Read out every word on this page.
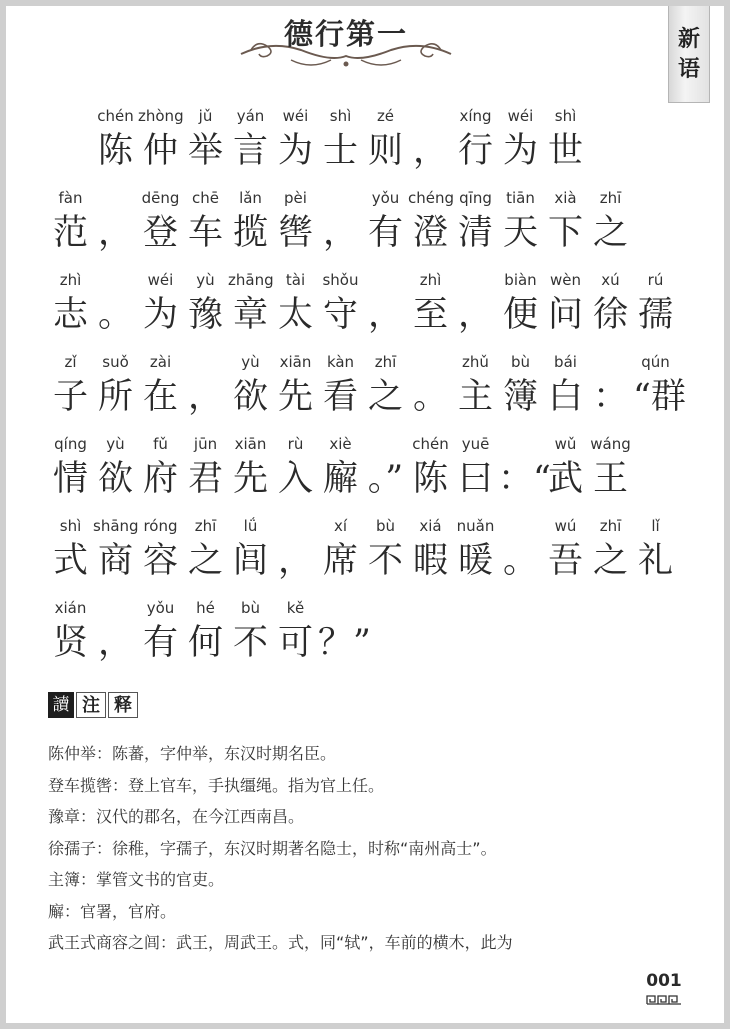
德行第一	新
语
chén
陈
zhòng
仲
jǔ
举
yán
言
wéi
为
shì
士
zé
则 ，
xíng
行
wéi
为
shì
世
fàn
范 ，
dēng
登
chē
车
lǎn
揽
pèi
辔 ，
yǒu
有
chéng
澄
qīng
清
tiān
天
xià
下
zhī
之
zhì
志 。
wéi
为
yù
豫
zhāng
章
tài
太
shǒu
守 ，
zhì
至 ，
biàn
便
wèn
问
xú
徐
rú
孺
zǐ
子
suǒ
所
zài
在 ，
yù
欲
xiān
先
kàn
看
zhī
之 。
zhǔ
主
bù
簿
bái
白 ：
qún
“群
qíng
情
yù
欲
fǔ
府
jūn
君
xiān
先
rù
入
xiè
廨 。”
chén
陈
yuē
曰 ：“
wǔ
武
wáng
王
shì
式
shāng
商
róng
容
zhī
之
lǘ
闾 ，
xí
席
bù
不
xiá
暇
nuǎn
暖 。
wú
吾
zhī
之
lǐ
礼
xián
贤 ，
yǒu
有
hé
何
bù
不
kě
可 ？”
讀 注 释
陈仲举：陈蕃，字仲举，东汉时期名臣。
登车揽辔：登上官车，手执缰绳。指为官上任。
豫章：汉代的郡名，在今江西南昌。
徐孺子：徐稚，字孺子，东汉时期著名隐士，时称“南州高士”。
主簿：掌管文书的官吏。
廨：官署，官府。
武王式商容之闾：武王，周武王。式，同“轼”，车前的横木，此为
001
